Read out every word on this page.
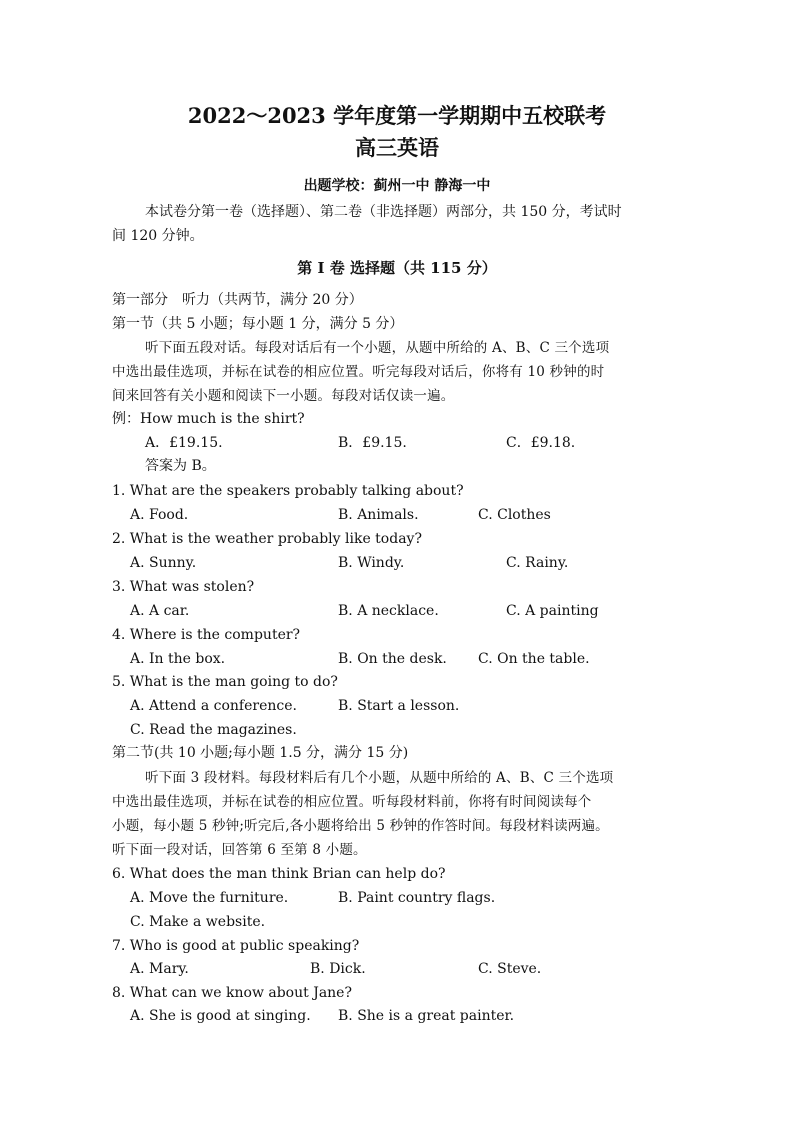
2022～2023 学年度第一学期期中五校联考
高三英语
出题学校：蓟州一中 静海一中
本试卷分第一卷（选择题）、第二卷（非选择题）两部分，共 150 分，考试时
间 120 分钟。
第 I 卷 选择题（共 115 分）
第一部分　听力（共两节，满分 20 分）
第一节（共 5 小题；每小题 1 分，满分 5 分）
听下面五段对话。每段对话后有一个小题，从题中所给的 A、B、C 三个选项
中选出最佳选项，并标在试卷的相应位置。听完每段对话后，你将有 10 秒钟的时
间来回答有关小题和阅读下一小题。每段对话仅读一遍。
例：How much is the shirt?
A．£19.15.	B．£9.15.	C．£9.18.
答案为 B。
1. What are the speakers probably talking about?
A. Food.	B. Animals.	C. Clothes
2. What is the weather probably like today?
A. Sunny.	B. Windy.	C. Rainy.
3. What was stolen?
A. A car.	B. A necklace.	C. A painting
4. Where is the computer?
A. In the box.	B. On the desk. C. On the table.
5. What is the man going to do?
A. Attend a conference.	B. Start a lesson.
C. Read the magazines.
第二节(共 10 小题;每小题 1.5 分，满分 15 分)
听下面 3 段材料。每段材料后有几个小题，从题中所给的 A、B、C 三个选项
中选出最佳选项，并标在试卷的相应位置。听每段材料前，你将有时间阅读每个
小题，每小题 5 秒钟;听完后,各小题将给出 5 秒钟的作答时间。每段材料读两遍。
听下面一段对话，回答第 6 至第 8 小题。
6. What does the man think Brian can help do?
A. Move the furniture.	B. Paint country flags.
C. Make a website.
7. Who is good at public speaking?
A. Mary.	B. Dick.	C. Steve.
8. What can we know about Jane?
A. She is good at singing. B. She is a great painter.
